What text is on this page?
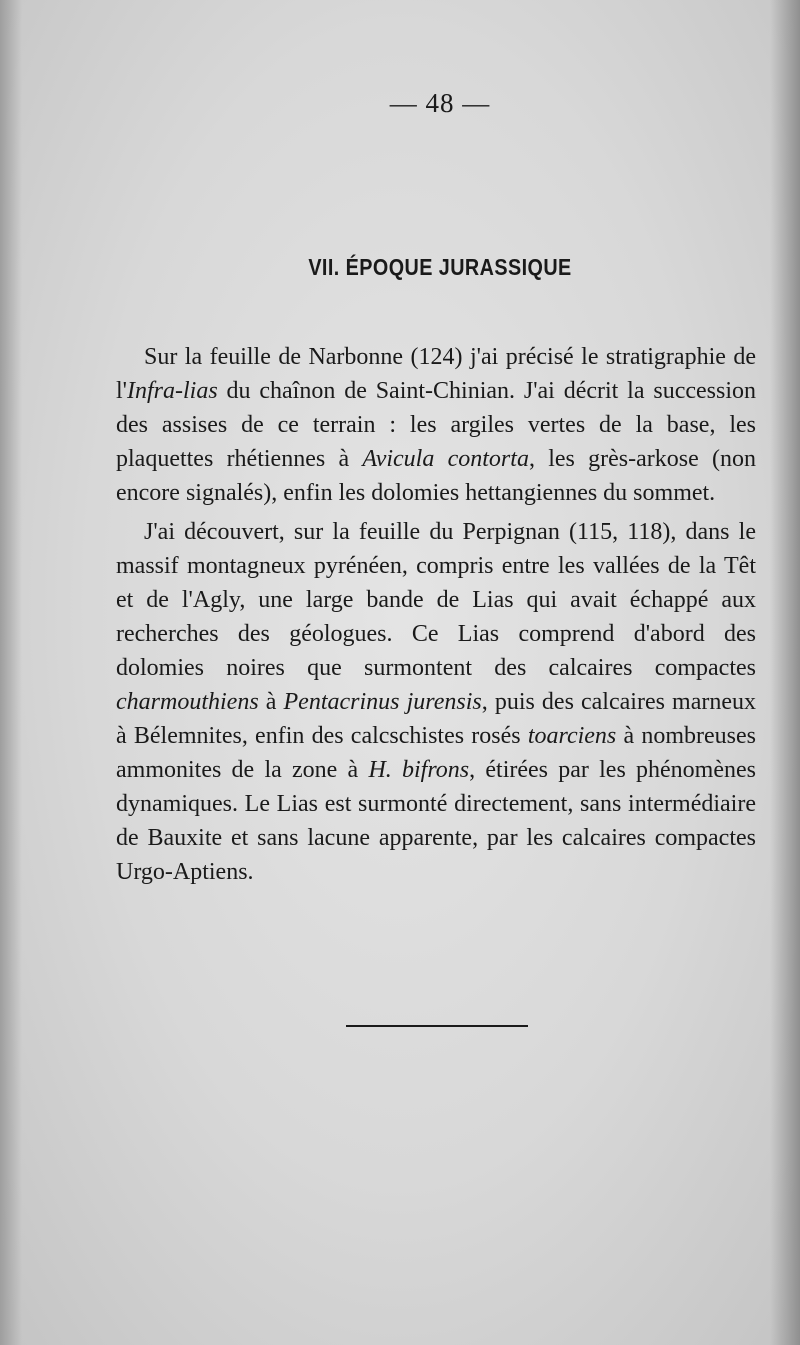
— 48 —
VII. ÉPOQUE JURASSIQUE

Sur la feuille de Narbonne (124) j'ai précisé le stratigraphie de l'Infra-lias du chaînon de Saint-Chinian. J'ai décrit la succession des assises de ce terrain : les argiles vertes de la base, les plaquettes rhétiennes à Avicula contorta, les grès-arkose (non encore signalés), enfin les dolomies hettangiennes du sommet.

J'ai découvert, sur la feuille du Perpignan (115, 118), dans le massif montagneux pyrénéen, compris entre les vallées de la Têt et de l'Agly, une large bande de Lias qui avait échappé aux recherches des géologues. Ce Lias comprend d'abord des dolomies noires que surmontent des calcaires compactes charmouthiens à Pentacrinus jurensis, puis des calcaires marneux à Bélemnites, enfin des calcschistes rosés toarciens à nombreuses ammonites de la zone à H. bifrons, étirées par les phénomènes dynamiques. Le Lias est surmonté directement, sans intermédiaire de Bauxite et sans lacune apparente, par les calcaires compactes Urgo-Aptiens.
